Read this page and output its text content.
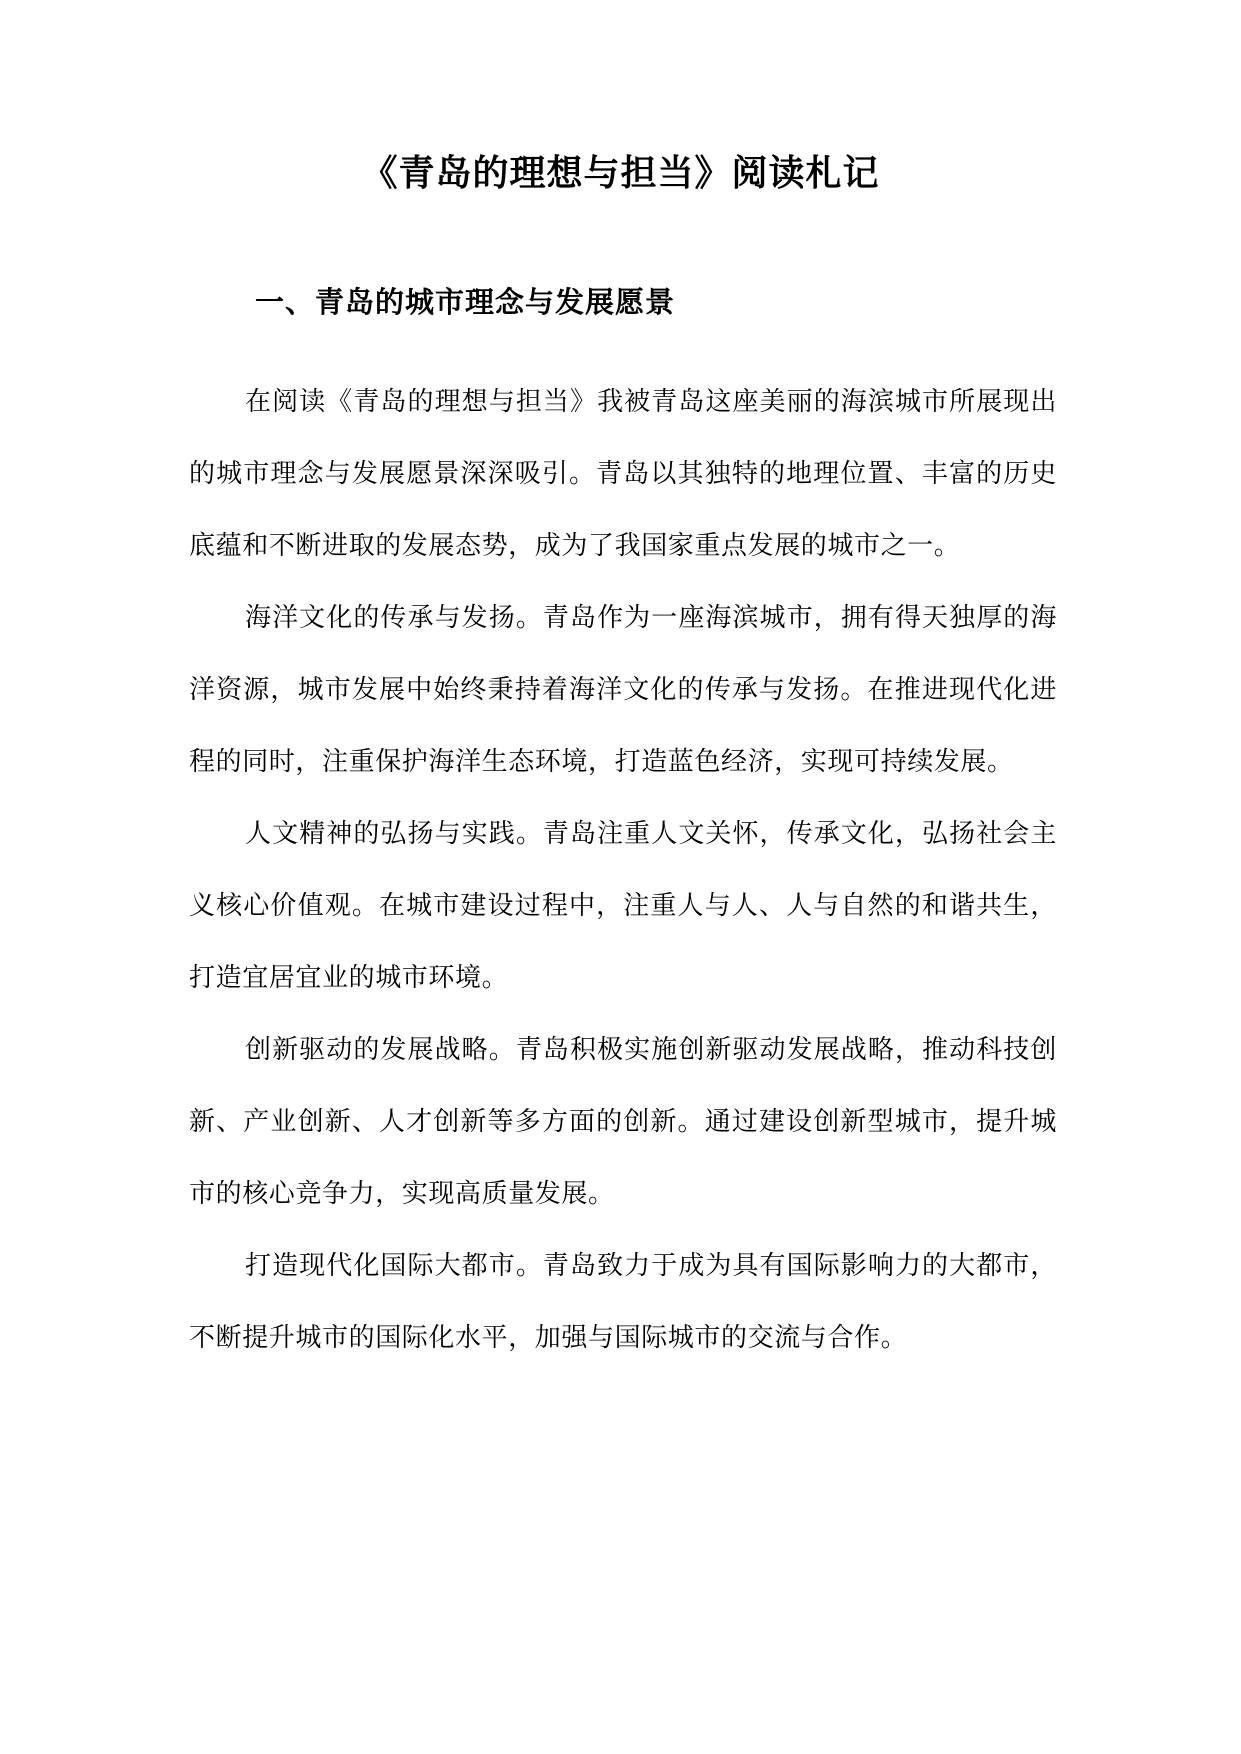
《青岛的理想与担当》阅读札记
一、青岛的城市理念与发展愿景

在阅读《青岛的理想与担当》我被青岛这座美丽的海滨城市所展现出的城市理念与发展愿景深深吸引。青岛以其独特的地理位置、丰富的历史底蕴和不断进取的发展态势，成为了我国家重点发展的城市之一。

海洋文化的传承与发扬。青岛作为一座海滨城市，拥有得天独厚的海洋资源，城市发展中始终秉持着海洋文化的传承与发扬。在推进现代化进程的同时，注重保护海洋生态环境，打造蓝色经济，实现可持续发展。

人文精神的弘扬与实践。青岛注重人文关怀，传承文化，弘扬社会主义核心价值观。在城市建设过程中，注重人与人、人与自然的和谐共生，打造宜居宜业的城市环境。

创新驱动的发展战略。青岛积极实施创新驱动发展战略，推动科技创新、产业创新、人才创新等多方面的创新。通过建设创新型城市，提升城市的核心竞争力，实现高质量发展。

打造现代化国际大都市。青岛致力于成为具有国际影响力的大都市，不断提升城市的国际化水平，加强与国际城市的交流与合作。
